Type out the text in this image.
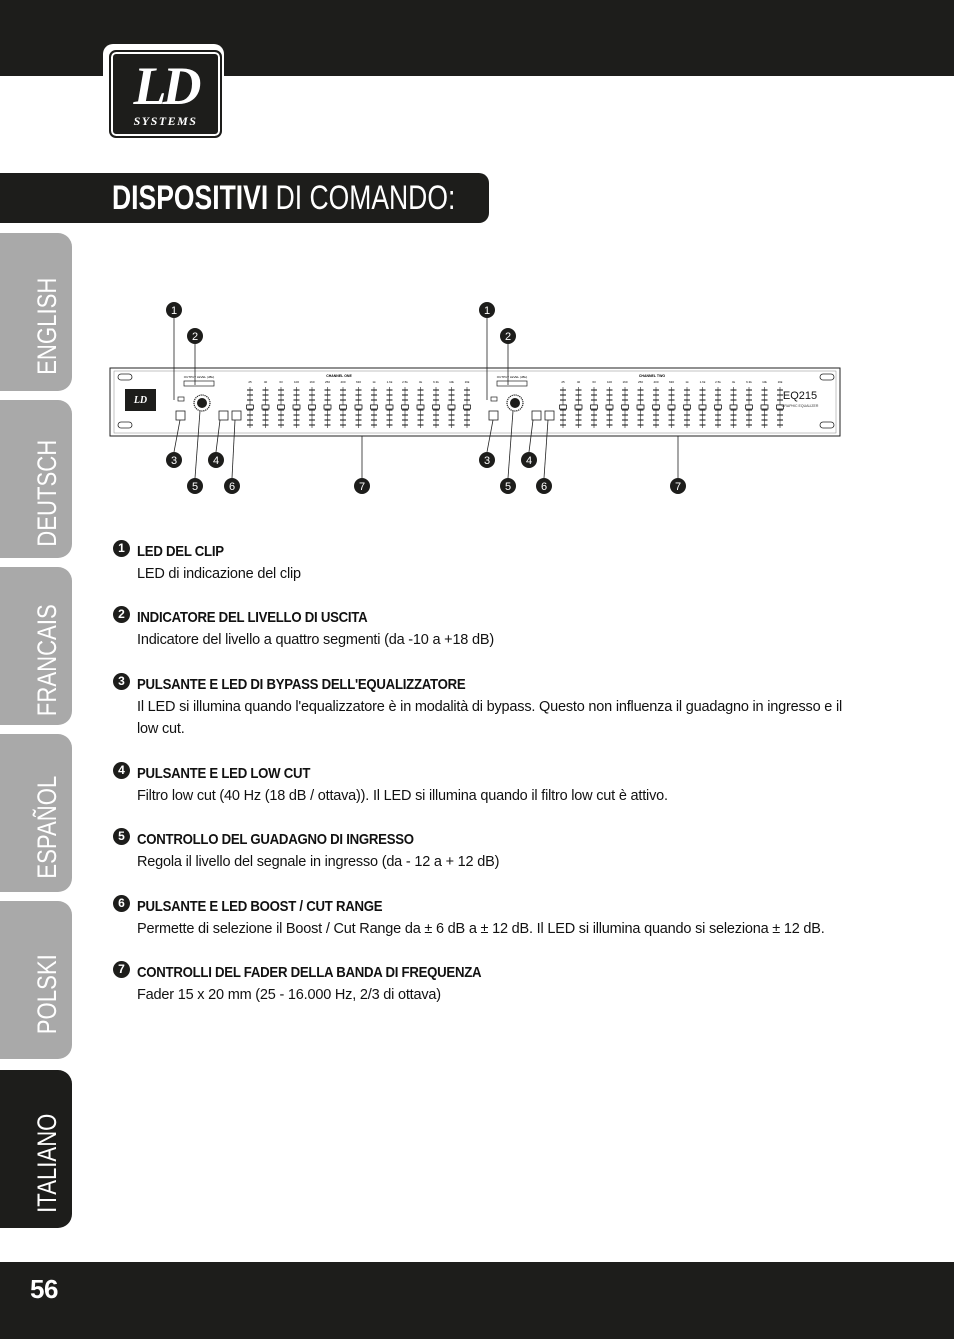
LD
SYSTEMS
DISPOSITIVI DI COMANDO:
ENGLISH
DEUTSCH
FRANCAIS
ESPAÑOL
POLSKI
ITALIANO
LD
OUTPUT LEVEL (dBu)	CHANNEL ONE
25	40	63	100	160	250	400	630	1k	1.6k	2.5k	4k	6.3k	10k	16k
OUTPUT LEVEL (dBu)	CHANNEL TWO
25	40	63	100	160	250	400	630	1k	1.6k	2.5k	4k	6.3k	10k	16k
EQ215
GRAPHIC EQUALIZER
1
2
1
2
3	4
5	6	7
3	4
5	6	7
1 LED DEL CLIP
LED di indicazione del clip
2 INDICATORE DEL LIVELLO DI USCITA
Indicatore del livello a quattro segmenti (da -10 a +18 dB)
3 PULSANTE E LED DI BYPASS DELL'EQUALIZZATORE
Il LED si illumina quando l'equalizzatore è in modalità di bypass. Questo non influenza il guadagno in ingresso e il low cut.
4 PULSANTE E LED LOW CUT
Filtro low cut (40 Hz (18 dB / ottava)). Il LED si illumina quando il filtro low cut è attivo.
5 CONTROLLO DEL GUADAGNO DI INGRESSO
Regola il livello del segnale in ingresso (da - 12 a + 12 dB)
6 PULSANTE E LED BOOST / CUT RANGE
Permette di selezione il Boost / Cut Range da ± 6 dB a ± 12 dB. Il LED si illumina quando si seleziona ± 12 dB.
7 CONTROLLI DEL FADER DELLA BANDA DI FREQUENZA
Fader 15 x 20 mm (25 - 16.000 Hz, 2/3 di ottava)
56
